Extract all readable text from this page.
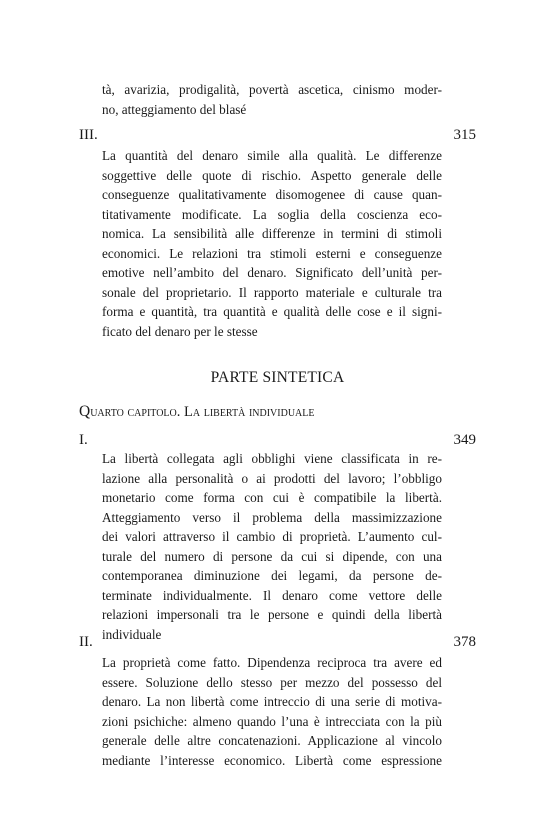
tà, avarizia, prodigalità, povertà ascetica, cinismo moder-
no, atteggiamento del blasé
III.	315
La quantità del denaro simile alla qualità. Le differenze
soggettive delle quote di rischio. Aspetto generale delle
conseguenze qualitativamente disomogenee di cause quan-
titativamente modificate. La soglia della coscienza eco-
nomica. La sensibilità alle differenze in termini di stimoli
economici. Le relazioni tra stimoli esterni e conseguenze
emotive nell’ambito del denaro. Significato dell’unità per-
sonale del proprietario. Il rapporto materiale e culturale tra
forma e quantità, tra quantità e qualità delle cose e il signi-
ficato del denaro per le stesse
PARTE SINTETICA
Quarto capitolo. La libertà individuale
I.	349
La libertà collegata agli obblighi viene classificata in re-
lazione alla personalità o ai prodotti del lavoro; l’obbligo
monetario come forma con cui è compatibile la libertà.
Atteggiamento verso il problema della massimizzazione
dei valori attraverso il cambio di proprietà. L’aumento cul-
turale del numero di persone da cui si dipende, con una
contemporanea diminuzione dei legami, da persone de-
terminate individualmente. Il denaro come vettore delle
relazioni impersonali tra le persone e quindi della libertà
individuale
II.	378
La proprietà come fatto. Dipendenza reciproca tra avere ed
essere. Soluzione dello stesso per mezzo del possesso del
denaro. La non libertà come intreccio di una serie di motiva-
zioni psichiche: almeno quando l’una è intrecciata con la più
generale delle altre concatenazioni. Applicazione al vincolo
mediante l’interesse economico. Libertà come espressione
